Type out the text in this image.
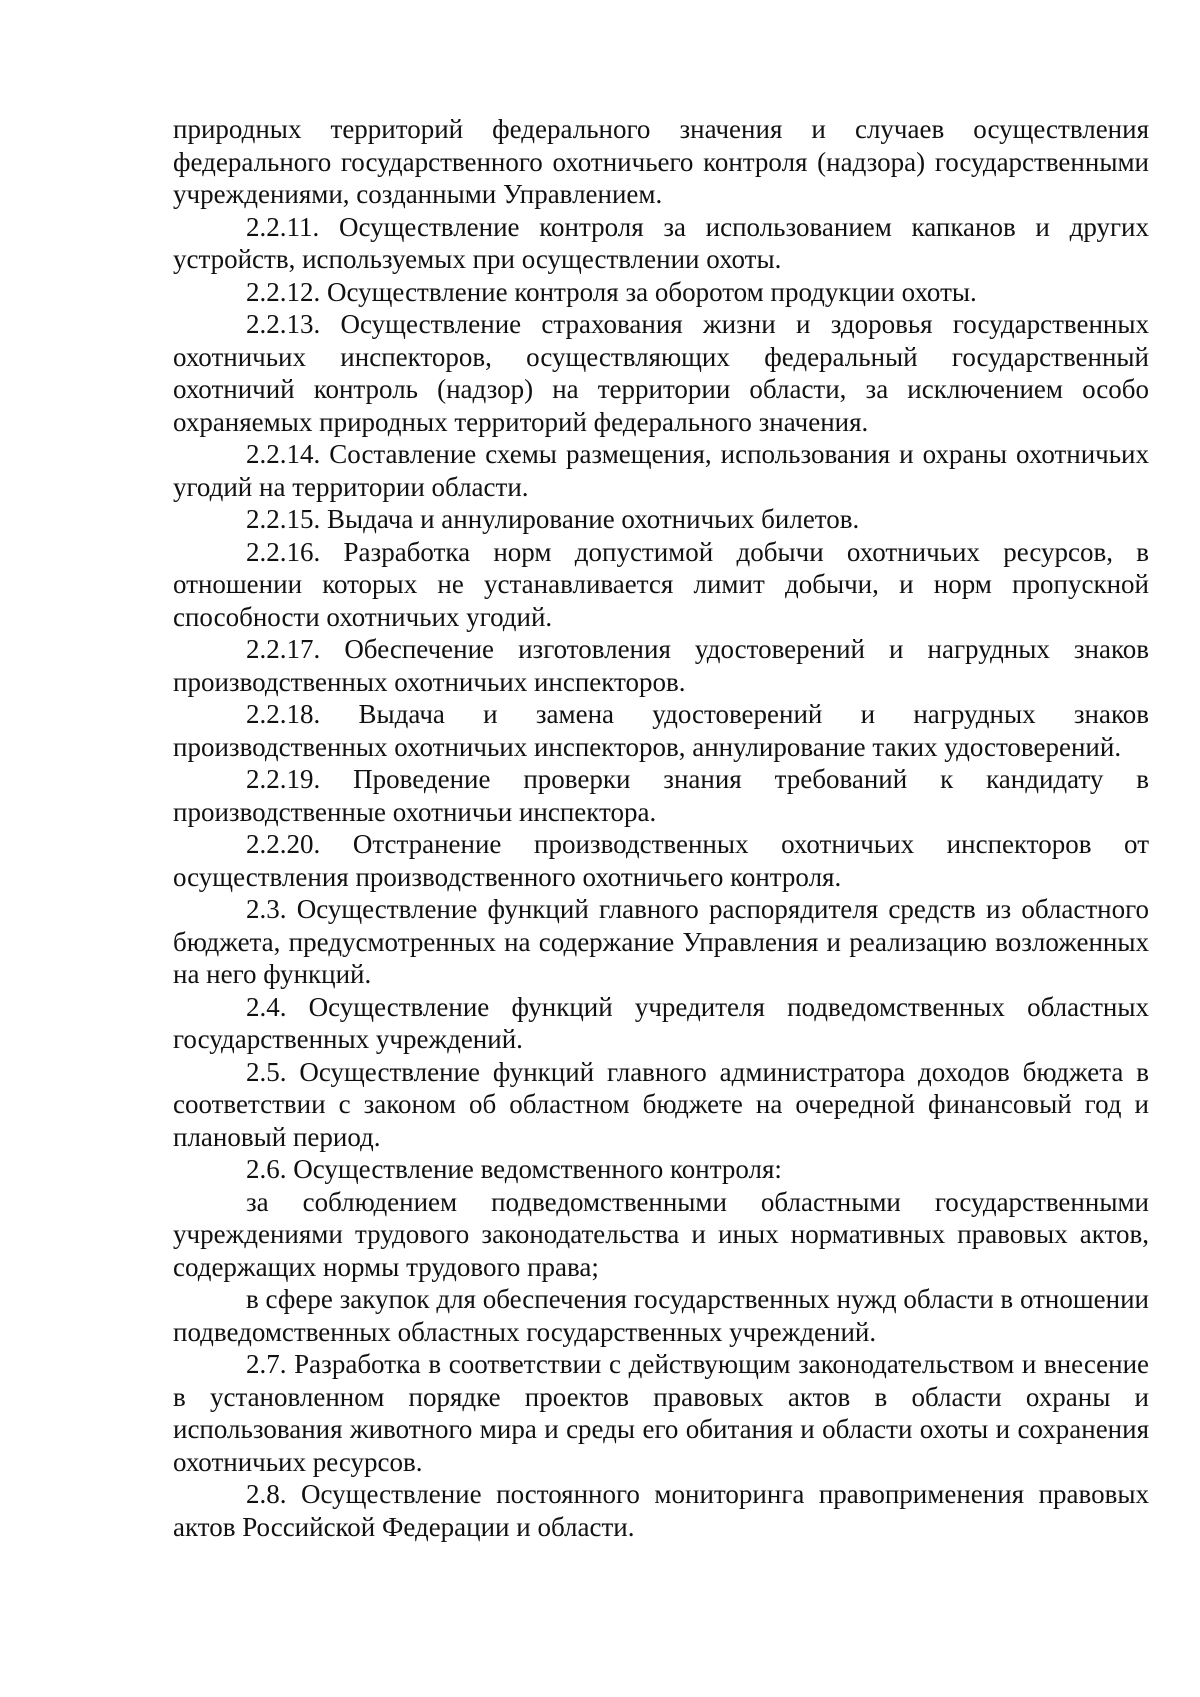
природных территорий федерального значения и случаев осуществления федерального государственного охотничьего контроля (надзора) государственными учреждениями, созданными Управлением.

2.2.11. Осуществление контроля за использованием капканов и других устройств, используемых при осуществлении охоты.

2.2.12. Осуществление контроля за оборотом продукции охоты.

2.2.13. Осуществление страхования жизни и здоровья государственных охотничьих инспекторов, осуществляющих федеральный государственный охотничий контроль (надзор) на территории области, за исключением особо охраняемых природных территорий федерального значения.

2.2.14. Составление схемы размещения, использования и охраны охотничьих угодий на территории области.

2.2.15. Выдача и аннулирование охотничьих билетов.

2.2.16. Разработка норм допустимой добычи охотничьих ресурсов, в отношении которых не устанавливается лимит добычи, и норм пропускной способности охотничьих угодий.

2.2.17. Обеспечение изготовления удостоверений и нагрудных знаков производственных охотничьих инспекторов.

2.2.18. Выдача и замена удостоверений и нагрудных знаков производственных охотничьих инспекторов, аннулирование таких удостоверений.

2.2.19. Проведение проверки знания требований к кандидату в производственные охотничьи инспектора.

2.2.20. Отстранение производственных охотничьих инспекторов от осуществления производственного охотничьего контроля.

2.3. Осуществление функций главного распорядителя средств из областного бюджета, предусмотренных на содержание Управления и реализацию возложенных на него функций.

2.4. Осуществление функций учредителя подведомственных областных государственных учреждений.

2.5. Осуществление функций главного администратора доходов бюджета в соответствии с законом об областном бюджете на очередной финансовый год и плановый период.

2.6. Осуществление ведомственного контроля:

за соблюдением подведомственными областными государственными учреждениями трудового законодательства и иных нормативных правовых актов, содержащих нормы трудового права;

в сфере закупок для обеспечения государственных нужд области в отношении подведомственных областных государственных учреждений.

2.7. Разработка в соответствии с действующим законодательством и внесение в установленном порядке проектов правовых актов в области охраны и использования животного мира и среды его обитания и области охоты и сохранения охотничьих ресурсов.

2.8. Осуществление постоянного мониторинга правоприменения правовых актов Российской Федерации и области.
